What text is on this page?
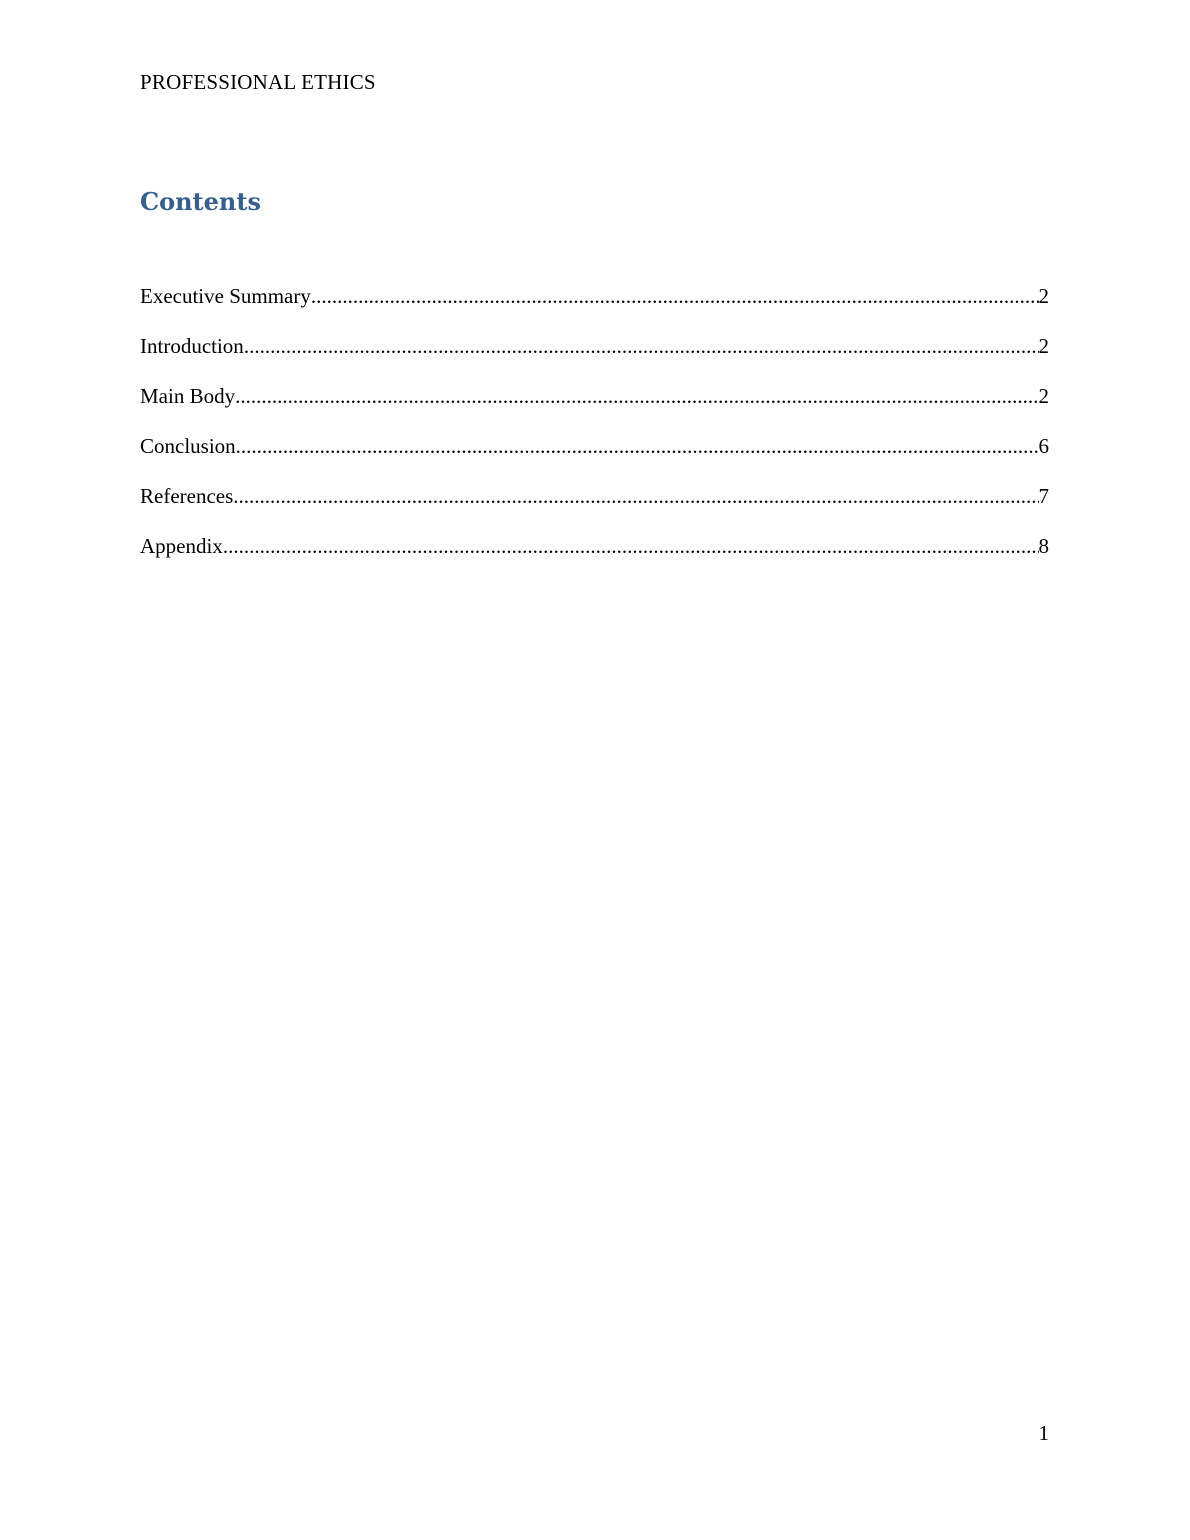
PROFESSIONAL ETHICS
Contents
Executive Summary .....	2
Introduction .....	2
Main Body .....	2
Conclusion .....	6
References .....	7
Appendix .....	8
1
